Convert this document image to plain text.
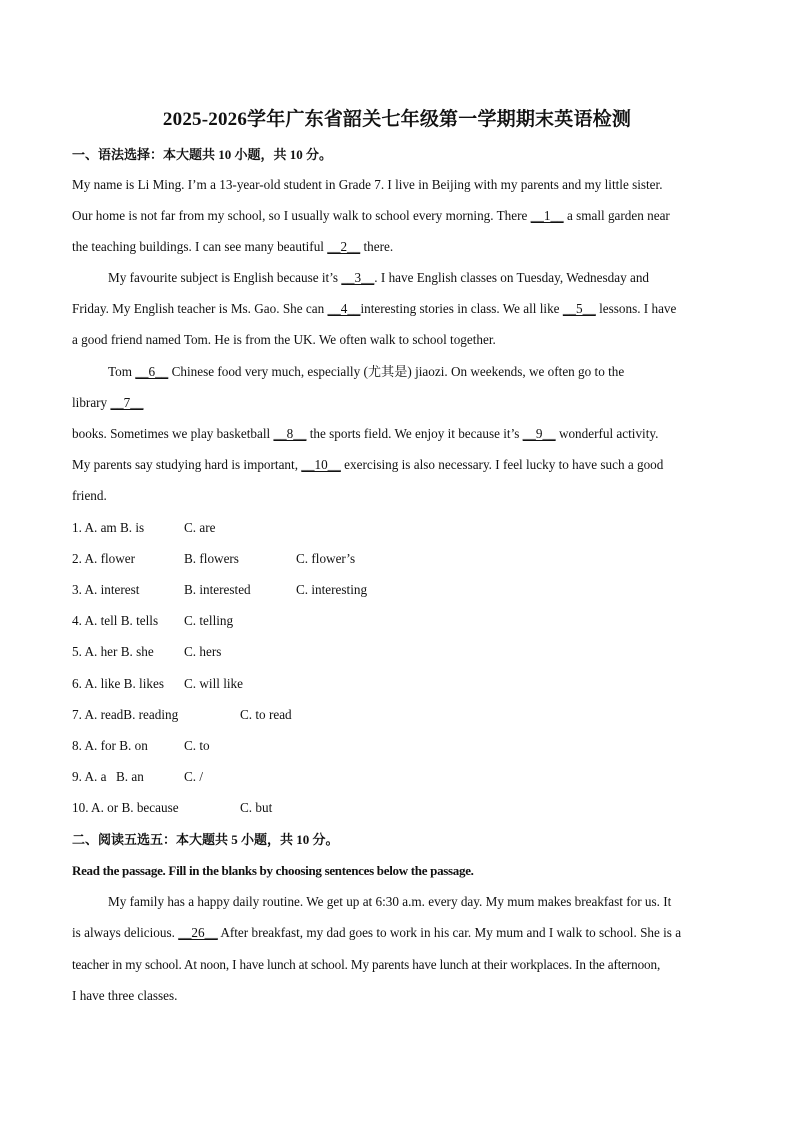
2025-2026学年广东省韶关七年级第一学期期末英语检测
一、语法选择：本大题共 10 小题，共 10 分。
My name is Li Ming. I’m a 13-year-old student in Grade 7. I live in Beijing with my parents and my little sister.
Our home is not far from my school, so I usually walk to school every morning. There __1__ a small garden near
the teaching buildings. I can see many beautiful __2__ there.
My favourite subject is English because it’s __3__. I have English classes on Tuesday, Wednesday and
Friday. My English teacher is Ms. Gao. She can __4__interesting stories in class. We all like __5__ lessons. I have
a good friend named Tom. He is from the UK. We often walk to school together.
Tom __6__ Chinese food very much, especially (尤其是) jiaozi. On weekends, we often go to the
library __7__
books. Sometimes we play basketball __8__ the sports field. We enjoy it because it’s __9__ wonderful activity.
My parents say studying hard is important, __10__ exercising is also necessary. I feel lucky to have such a good
friend.
1. A. am B. is	C. are
2. A. flower	B. flowers	C. flower’s
3. A. interest	B. interested	C. interesting
4. A. tell B. tells C. telling
5. A. her B. she C. hers
6. A. like B. likes C. will like
7. A. readB. reading	C. to read
8. A. for B. on	C. to
9. A. a B. an	C. /
10. A. or B. because	C. but
二、阅读五选五：本大题共 5 小题，共 10 分。
Read the passage. Fill in the blanks by choosing sentences below the passage.
My family has a happy daily routine. We get up at 6:30 a.m. every day. My mum makes breakfast for us. It
is always delicious. __26__ After breakfast, my dad goes to work in his car. My mum and I walk to school. She is a
teacher in my school. At noon, I have lunch at school. My parents have lunch at their workplaces. In the afternoon,
I have three classes.
